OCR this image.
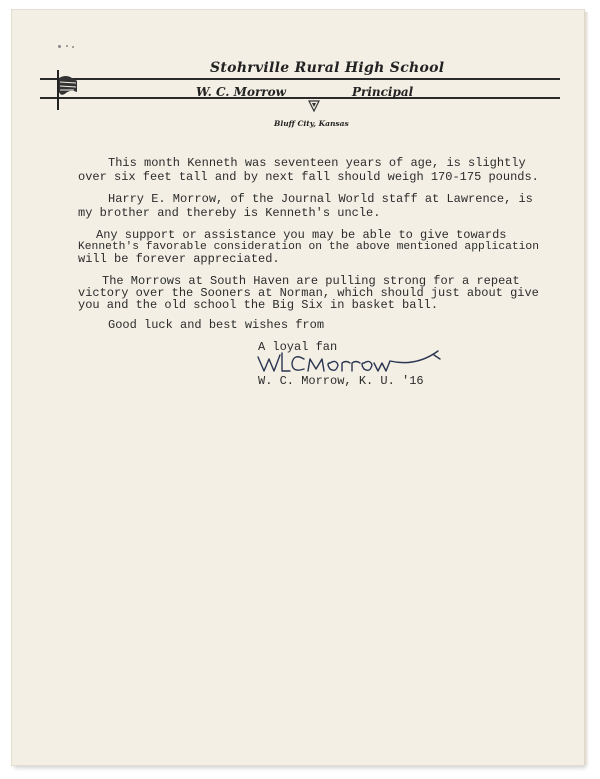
Stohrville Rural High School
W. C. Morrow	Principal
Bluff City, Kansas
This month Kenneth was seventeen years of age, is slightly
over six feet tall and by next fall should weigh 170-175 pounds.
Harry E. Morrow, of the Journal World staff at Lawrence, is
my brother and thereby is Kenneth's uncle.
Any support or assistance you may be able to give towards
Kenneth's favorable consideration on the above mentioned application
will be forever appreciated.
The Morrows at South Haven are pulling strong for a repeat
victory over the Sooners at Norman, which should just about give
you and the old school the Big Six in basket ball.
Good luck and best wishes from
A loyal fan
W. C. Morrow, K. U. '16
